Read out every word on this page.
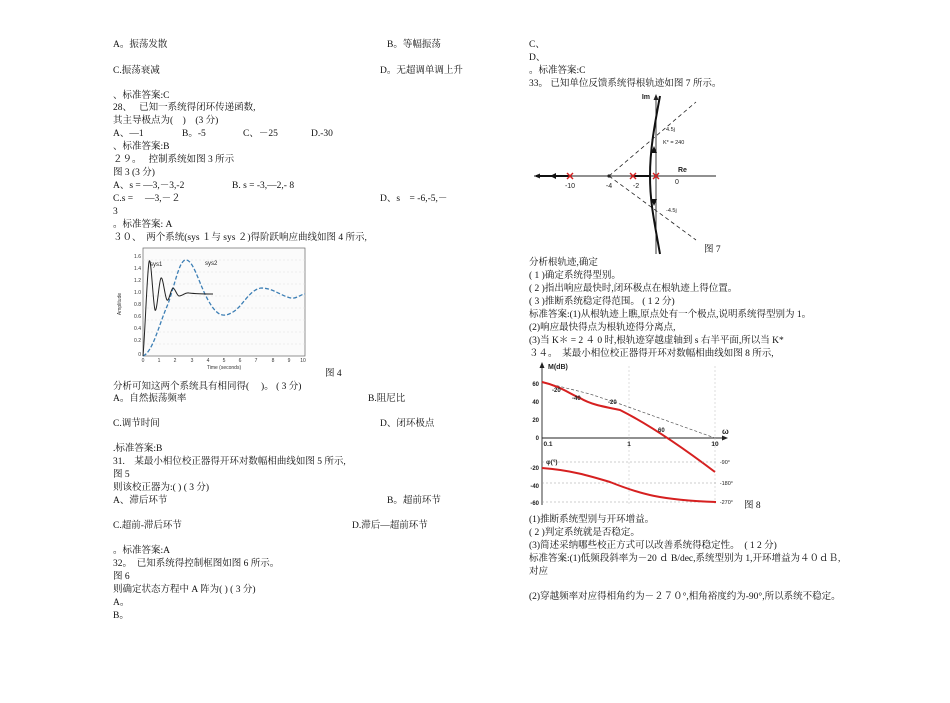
A。振荡发散	B。等幅振荡
C.振荡衰减	D。无超调单调上升
、标准答案:C
28、　 已知一系统得闭环传递函数,
其主导极点为(　)　(3 分)
A、—1	B。-5	C、－25	D.-30
、标准答案:B
２９。　 控制系统如图 3 所示
图 3 (3 分)
A、s = —3,－3,-2	B. s = -3,—2,- 8
C.s =　 —3,－２	D、s　= -6,-5,－
3
。标准答案: A
３０、　两个系统(sys １与 sys ２)得阶跃响应曲线如图 4 所示,
1.6
1.4
1.2
1.0
0.8
0.6
0.4
0.2
0
0	1	2	3	4	5	6	7	8	9 10
Time (seconds)
Amplitude
sys1	sys2
图 4
分析可知这两个系统具有相同得(　 )。 ( 3 分)
A。自然振荡频率	B.阻尼比
C.调节时间	D、闭环极点
.标准答案:B
31.　某最小相位校正器得开环对数幅相曲线如图 5 所示,
图 5
则该校正器为:( ) ( 3 分)
A、滞后环节	B。超前环节
C.超前-滞后环节	D.滞后—超前环节
。标准答案:A
32。　已知系统得控制框图如图 6 所示。
图 6
则确定状态方程中 A 阵为( ) ( 3 分)
A。
B。
C、
D、
。标准答案:C
33。 已知单位反馈系统得根轨迹如图 7 所示。
Im
Re
-10	-4	-2
0
4.5j
K* = 240
-4.5j
图 7
分析根轨迹,确定
( 1 )确定系统得型别。
( 2 )指出响应最快时,闭环极点在根轨迹上得位置。
( 3 )推断系统稳定得范围。 ( 1 2 分)
标准答案:(1)从根轨迹上瞧,原点处有一个极点,说明系统得型别为 1。
(2)响应最快得点为根轨迹得分离点,
(3)当 K＊ = 2 ４ 0 时,根轨迹穿越虚轴到 s 右半平面,所以当 K*
３４。　某最小相位校正器得开环对数幅相曲线如图 8 所示,
M(dB)
ω
60
40
20
0
0.1	1	10
-20
-40
-20
60
φ(°)
-20
-40
-60
-90°
-180°
-270° 图 8
(1)推断系统型别与开环增益。
( 2 )判定系统就是否稳定。
(3)简述采纳哪些校正方式可以改善系统得稳定性。　( 1 2 分)
标准答案:(1)低频段斜率为－20 ｄ B/dec,系统型别为 1,开环增益为４０ｄＢ,
对应
(2)穿越频率对应得相角约为－２７０°,相角裕度约为-90°,所以系统不稳定。
